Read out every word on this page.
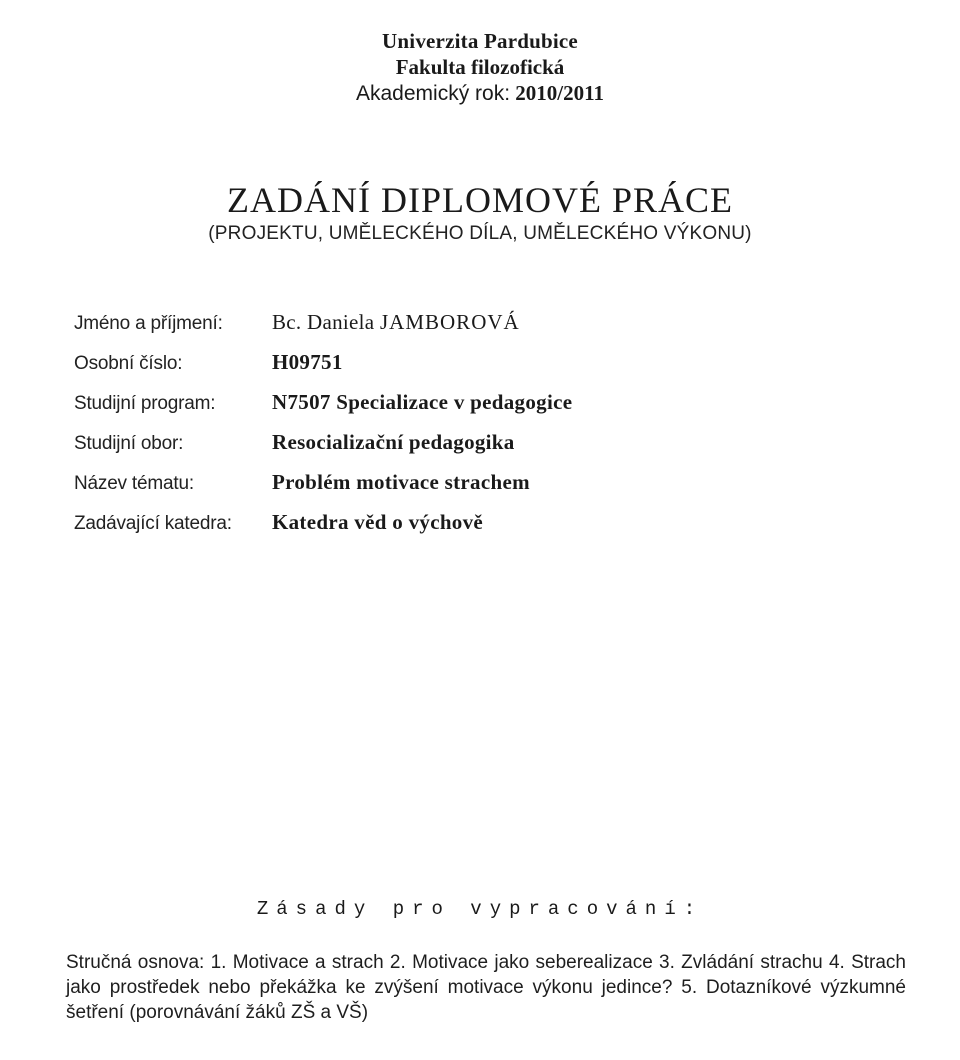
Univerzita Pardubice
Fakulta filozofická
Akademický rok: 2010/2011
ZADÁNÍ DIPLOMOVÉ PRÁCE
(PROJEKTU, UMĚLECKÉHO DÍLA, UMĚLECKÉHO VÝKONU)
Jméno a příjmení:	Bc. Daniela JAMBOROVÁ
Osobní číslo:	H09751
Studijní program:	N7507 Specializace v pedagogice
Studijní obor:	Resocializační pedagogika
Název tématu:	Problém motivace strachem
Zadávající katedra:	Katedra věd o výchově
Zásady pro vypracování:
Stručná osnova: 1. Motivace a strach 2. Motivace jako seberealizace 3. Zvládání strachu 4. Strach jako prostředek nebo překážka ke zvýšení motivace výkonu jedince? 5. Dotazníkové výzkumné šetření (porovnávání žáků ZŠ a VŠ)
